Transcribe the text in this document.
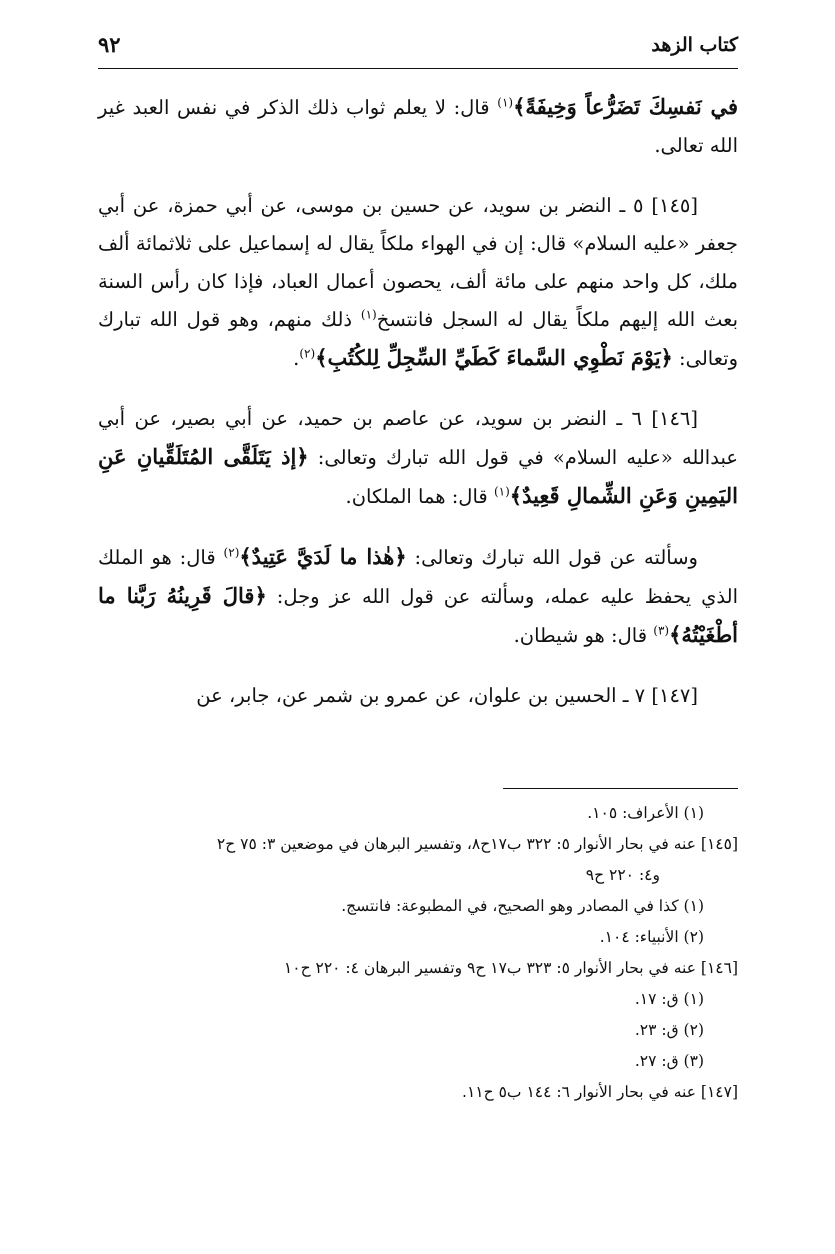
كتاب الزهد
٩٢

في نَفسِكَ تَضَرُّعاً وَخِيفَةً﴾$^{(١)}$ قال: لا يعلم ثواب ذلك الذكر في نفس العبد غير الله تعالى.

[١٤٥] ٥ ـ النضر بن سويد، عن حسين بن موسى، عن أبي حمزة، عن أبي جعفر «عليه السلام» قال: إن في الهواء ملكاً يقال له إسماعيل على ثلاثمائة ألف ملك، كل واحد منهم على مائة ألف، يحصون أعمال العباد، فإذا كان رأس السنة بعث الله إليهم ملكاً يقال له السجل فانتسخ$^{(١)}$ ذلك منهم، وهو قول الله تبارك وتعالى: ﴿يَوْمَ نَطْوِي السَّماءَ كَطَيِّ السِّجِلِّ لِلكُتُبِ﴾$^{(٢)}$.

[١٤٦] ٦ ـ النضر بن سويد، عن عاصم بن حميد، عن أبي بصير، عن أبي عبدالله «عليه السلام» في قول الله تبارك وتعالى: ﴿إذ يَتَلَقَّى المُتَلَقِّيانِ عَنِ اليَمِينِ وَعَنِ الشِّمالِ قَعِيدٌ﴾$^{(١)}$ قال: هما الملكان.

وسألته عن قول الله تبارك وتعالى: ﴿هٰذا ما لَدَيَّ عَتِيدٌ﴾$^{(٢)}$ قال: هو الملك الذي يحفظ عليه عمله، وسألته عن قول الله عز وجل: ﴿قالَ قَرِينُهُ رَبَّنا ما أطْغَيْتُهُ﴾$^{(٣)}$ قال: هو شيطان.

[١٤٧] ٧ ـ الحسين بن علوان، عن عمرو بن شمر عن، جابر، عن

(١) الأعراف: ١٠٥.

[١٤٥] عنه في بحار الأنوار ٥: ٣٢٢ ب١٧ح٨، وتفسير البرهان في موضعين ٣: ٧٥ ح٢

و٤: ٢٢٠ ح٩

(١) كذا في المصادر وهو الصحيح، في المطبوعة: فانتسج.

(٢) الأنبياء: ١٠٤.

[١٤٦] عنه في بحار الأنوار ٥: ٣٢٣ ب١٧ ح٩ وتفسير البرهان ٤: ٢٢٠ ح١٠

(١) ق: ١٧.

(٢) ق: ٢٣.

(٣) ق: ٢٧.

[١٤٧] عنه في بحار الأنوار ٦: ١٤٤ ب٥ ح١١.
